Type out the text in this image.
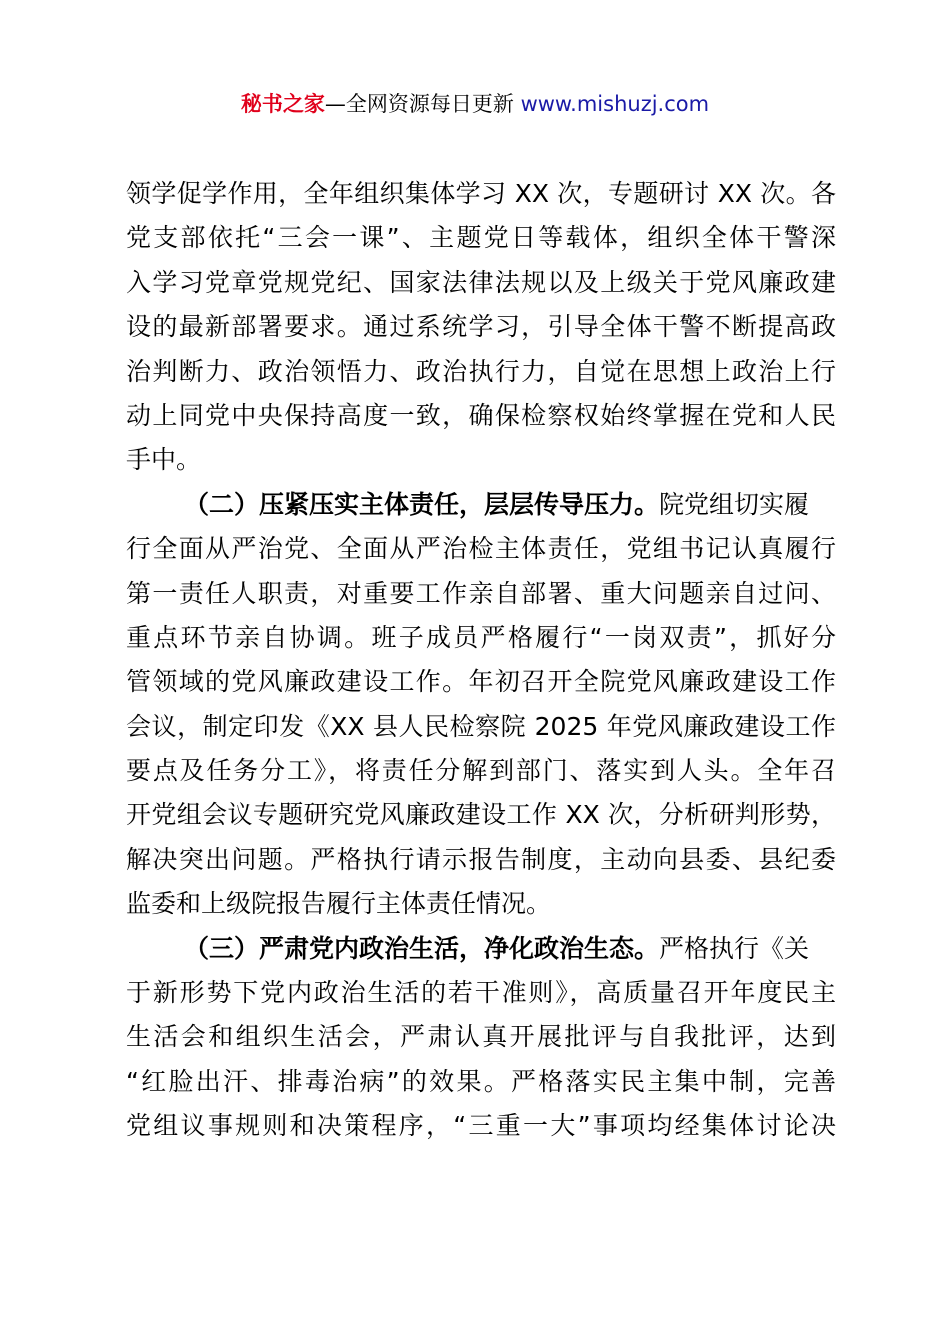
秘书之家—全网资源每日更新 www.mishuzj.com
领学促学作用，全年组织集体学习 XX 次，专题研讨 XX 次。各
党支部依托“三会一课”、主题党日等载体，组织全体干警深
入学习党章党规党纪、国家法律法规以及上级关于党风廉政建
设的最新部署要求。通过系统学习，引导全体干警不断提高政
治判断力、政治领悟力、政治执行力，自觉在思想上政治上行
动上同党中央保持高度一致，确保检察权始终掌握在党和人民
手中。
（二）压紧压实主体责任，层层传导压力。院党组切实履
行全面从严治党、全面从严治检主体责任，党组书记认真履行
第一责任人职责，对重要工作亲自部署、重大问题亲自过问、
重点环节亲自协调。班子成员严格履行“一岗双责”，抓好分
管领域的党风廉政建设工作。年初召开全院党风廉政建设工作
会议，制定印发《XX 县人民检察院 2025 年党风廉政建设工作
要点及任务分工》，将责任分解到部门、落实到人头。全年召
开党组会议专题研究党风廉政建设工作 XX 次，分析研判形势，
解决突出问题。严格执行请示报告制度，主动向县委、县纪委
监委和上级院报告履行主体责任情况。
（三）严肃党内政治生活，净化政治生态。严格执行《关
于新形势下党内政治生活的若干准则》，高质量召开年度民主
生活会和组织生活会，严肃认真开展批评与自我批评，达到
“红脸出汗、排毒治病”的效果。严格落实民主集中制，完善
党组议事规则和决策程序，“三重一大”事项均经集体讨论决
